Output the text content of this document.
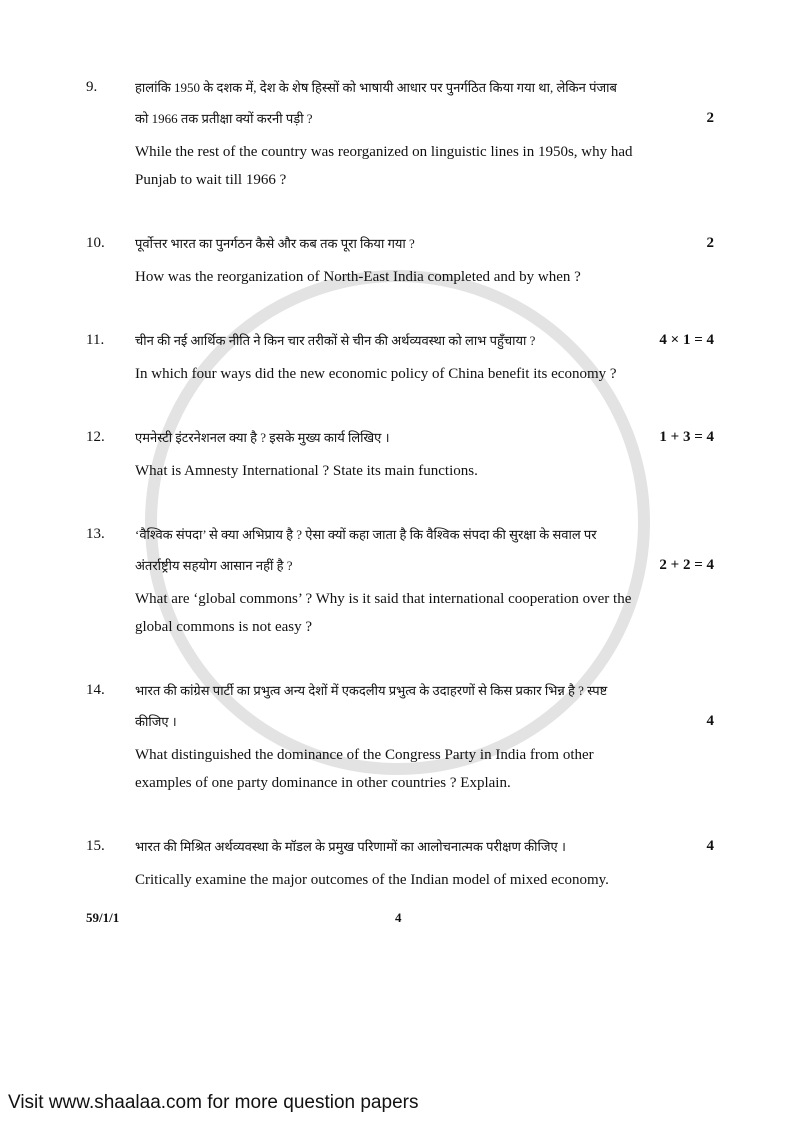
9.	हालांकि 1950 के दशक में, देश के शेष हिस्सों को भाषायी आधार पर पुनर्गठित किया गया था, लेकिन पंजाब
को 1966 तक प्रतीक्षा क्यों करनी पड़ी ?	2
While the rest of the country was reorganized on linguistic lines in 1950s, why had
Punjab to wait till 1966 ?
10.	पूर्वोत्तर भारत का पुनर्गठन कैसे और कब तक पूरा किया गया ?	2
How was the reorganization of North-East India completed and by when ?
11.	चीन की नई आर्थिक नीति ने किन चार तरीकों से चीन की अर्थव्यवस्था को लाभ पहुँचाया ?	4 × 1 = 4
In which four ways did the new economic policy of China benefit its economy ?
12.	एमनेस्टी इंटरनेशनल क्या है ? इसके मुख्य कार्य लिखिए ।	1 + 3 = 4
What is Amnesty International ? State its main functions.
13.	‘वैश्विक संपदा’ से क्या अभिप्राय है ? ऐसा क्यों कहा जाता है कि वैश्विक संपदा की सुरक्षा के सवाल पर
अंतर्राष्ट्रीय सहयोग आसान नहीं है ?	2 + 2 = 4
What are ‘global commons’ ? Why is it said that international cooperation over the
global commons is not easy ?
14.	भारत की कांग्रेस पार्टी का प्रभुत्व अन्य देशों में एकदलीय प्रभुत्व के उदाहरणों से किस प्रकार भिन्न है ? स्पष्ट
कीजिए ।	4
What distinguished the dominance of the Congress Party in India from other
examples of one party dominance in other countries ? Explain.
15.	भारत की मिश्रित अर्थव्यवस्था के मॉडल के प्रमुख परिणामों का आलोचनात्मक परीक्षण कीजिए ।	4
Critically examine the major outcomes of the Indian model of mixed economy.
59/1/1	4
Visit www.shaalaa.com for more question papers
